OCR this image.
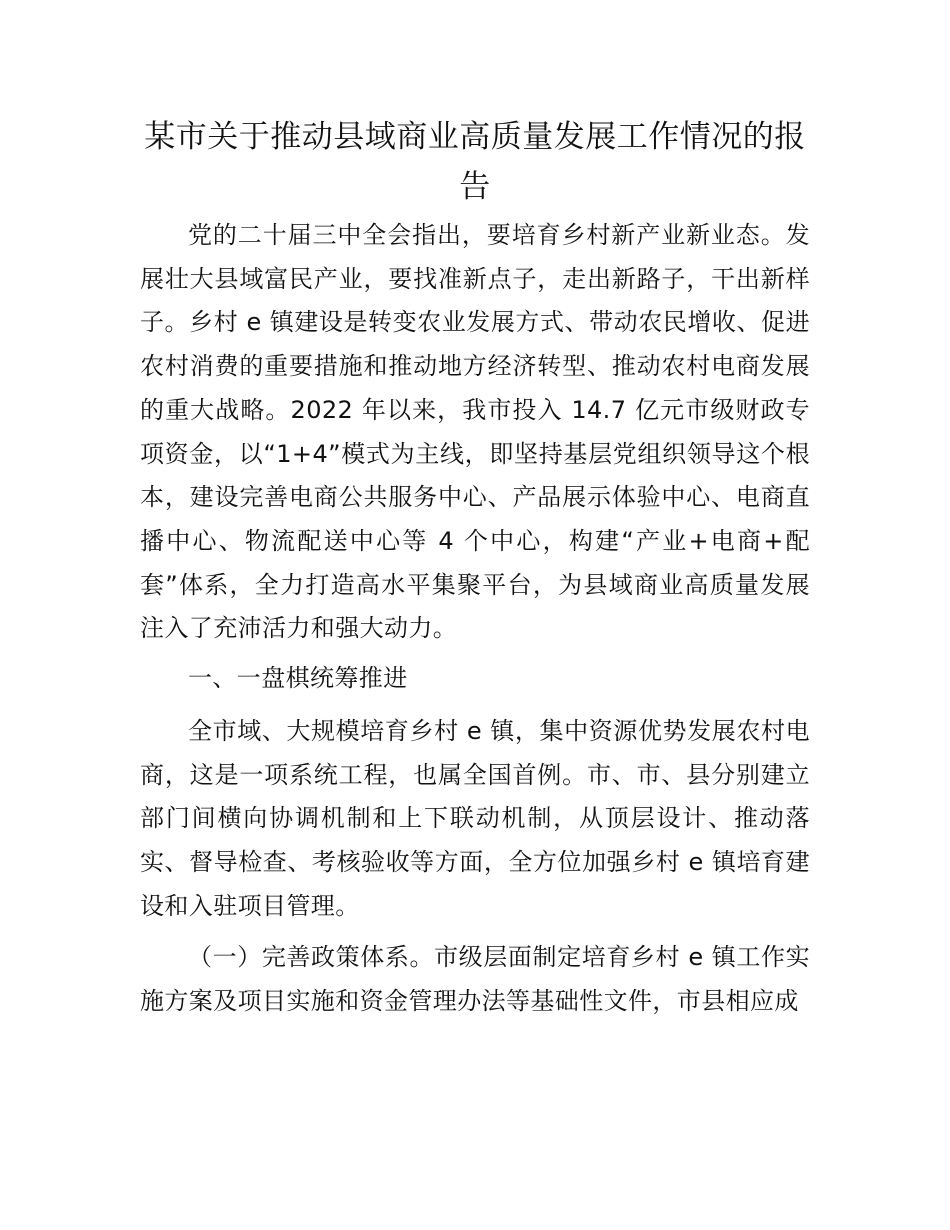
某市关于推动县域商业高质量发展工作情况的报告

党的二十届三中全会指出，要培育乡村新产业新业态。发展壮大县域富民产业，要找准新点子，走出新路子，干出新样子。乡村 e 镇建设是转变农业发展方式、带动农民增收、促进农村消费的重要措施和推动地方经济转型、推动农村电商发展的重大战略。2022 年以来，我市投入 14.7 亿元市级财政专项资金，以“1+4”模式为主线，即坚持基层党组织领导这个根本，建设完善电商公共服务中心、产品展示体验中心、电商直播中心、物流配送中心等 4 个中心，构建“产业+电商+配套”体系，全力打造高水平集聚平台，为县域商业高质量发展注入了充沛活力和强大动力。

一、一盘棋统筹推进

全市域、大规模培育乡村 e 镇，集中资源优势发展农村电商，这是一项系统工程，也属全国首例。市、市、县分别建立部门间横向协调机制和上下联动机制，从顶层设计、推动落实、督导检查、考核验收等方面，全方位加强乡村 e 镇培育建设和入驻项目管理。

（一）完善政策体系。市级层面制定培育乡村 e 镇工作实施方案及项目实施和资金管理办法等基础性文件，市县相应成
